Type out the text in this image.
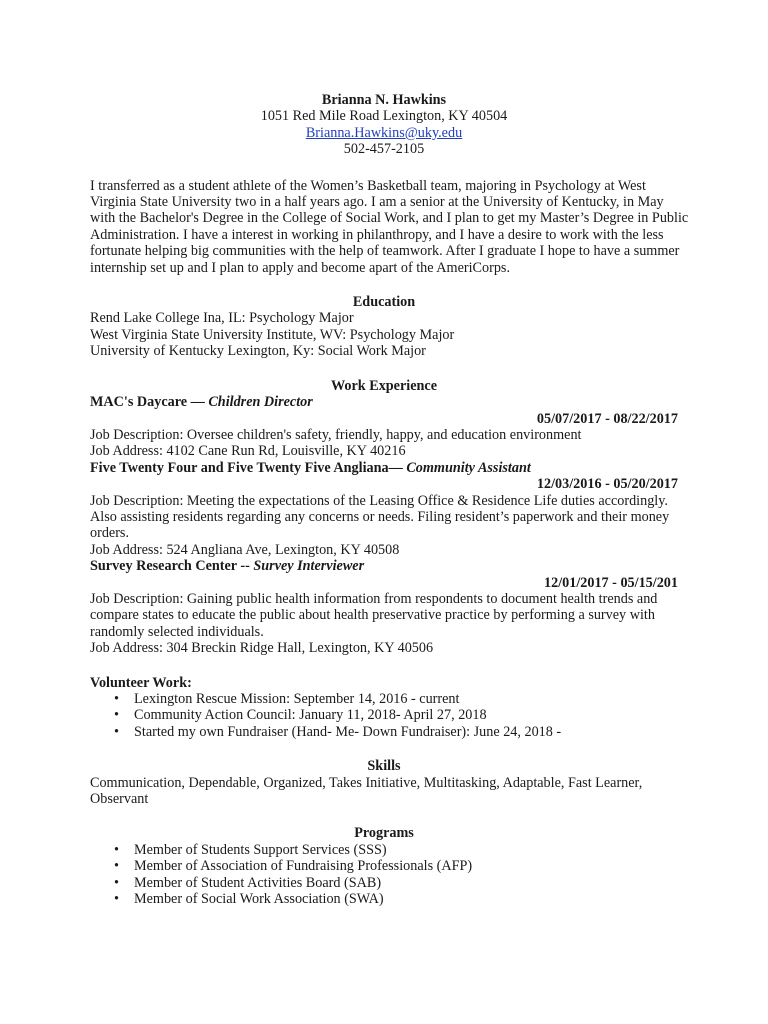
Brianna N. Hawkins
1051 Red Mile Road Lexington, KY 40504
Brianna.Hawkins@uky.edu
502-457-2105
I transferred as a student athlete of the Women’s Basketball team, majoring in Psychology at West
Virginia State University two in a half years ago. I am a senior at the University of Kentucky, in May
with the Bachelor's Degree in the College of Social Work, and I plan to get my Master’s Degree in Public
Administration. I have a interest in working in philanthropy, and I have a desire to work with the less
fortunate helping big communities with the help of teamwork. After I graduate I hope to have a summer
internship set up and I plan to apply and become apart of the AmeriCorps.
Education
Rend Lake College Ina, IL: Psychology Major
West Virginia State University Institute, WV: Psychology Major
University of Kentucky Lexington, Ky: Social Work Major
Work Experience
MAC's Daycare — Children Director
05/07/2017 - 08/22/2017
Job Description: Oversee children's safety, friendly, happy, and education environment
Job Address: 4102 Cane Run Rd, Louisville, KY 40216
Five Twenty Four and Five Twenty Five Angliana— Community Assistant
12/03/2016 - 05/20/2017
Job Description: Meeting the expectations of the Leasing Office & Residence Life duties accordingly.
Also assisting residents regarding any concerns or needs. Filing resident’s paperwork and their money
orders.
Job Address: 524 Angliana Ave, Lexington, KY 40508
Survey Research Center -- Survey Interviewer
12/01/2017 - 05/15/201
Job Description: Gaining public health information from respondents to document health trends and
compare states to educate the public about health preservative practice by performing a survey with
randomly selected individuals.
Job Address: 304 Breckin Ridge Hall, Lexington, KY 40506
Volunteer Work:
• Lexington Rescue Mission: September 14, 2016 - current
• Community Action Council: January 11, 2018- April 27, 2018
• Started my own Fundraiser (Hand- Me- Down Fundraiser): June 24, 2018 -
Skills
Communication, Dependable, Organized, Takes Initiative, Multitasking, Adaptable, Fast Learner,
Observant
Programs
• Member of Students Support Services (SSS)
• Member of Association of Fundraising Professionals (AFP)
• Member of Student Activities Board (SAB)
• Member of Social Work Association (SWA)
